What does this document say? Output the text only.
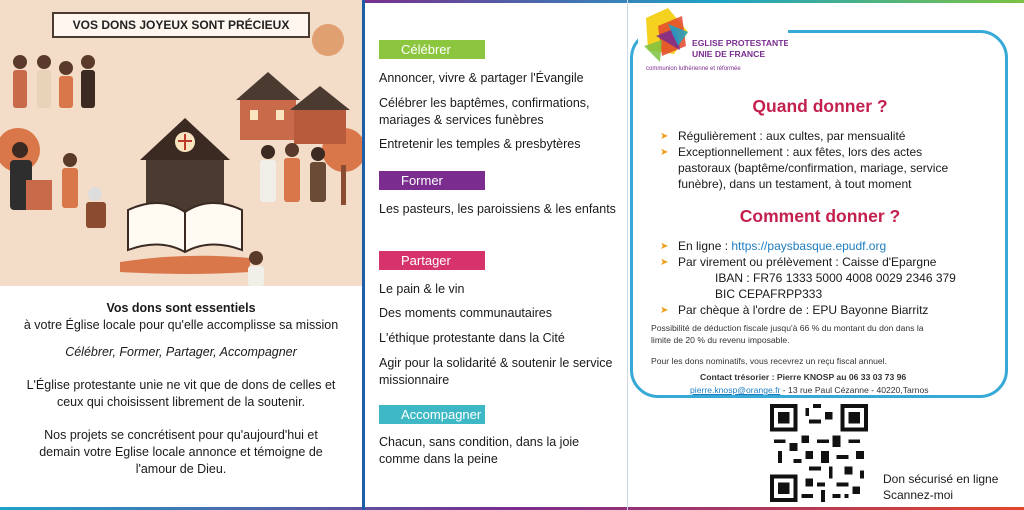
VOS DONS JOYEUX SONT PRÉCIEUX

Vos dons sont essentiels

à votre Église locale pour qu'elle accomplisse sa mission

Célébrer, Former, Partager, Accompagner

L'Église protestante unie ne vit que de dons de celles et

ceux qui choisissent librement de la soutenir.

Nos projets se concrétisent pour qu'aujourd'hui et

demain votre Eglise locale annonce et témoigne de

l'amour de Dieu.

Célébrer
Annoncer, vivre & partager l'Évangile
Célébrer les baptêmes, confirmations, mariages & services funèbres
Entretenir les temples & presbytères
Former
Les pasteurs, les paroissiens & les enfants
Partager
Le pain & le vin
Des moments communautaires
L'éthique protestante dans la Cité
Agir pour la solidarité & soutenir le service missionnaire
Accompagner
Chacun, sans condition, dans la joie comme dans la peine
EGLISE PROTESTANTE
UNIE DE FRANCE
communion luthérienne et réformée
Quand donner ?
➤ Régulièrement : aux cultes, par mensualité
➤ Exceptionnellement : aux fêtes, lors des actes
pastoraux (baptême/confirmation, mariage, service
funèbre), dans un testament, à tout moment
Comment donner ?
➤ En ligne : https://paysbasque.epudf.org
➤ Par virement ou prélèvement : Caisse d'Epargne
IBAN : FR76 1333 5000 4008 0029 2346 379
BIC CEPAFRPP333
➤ Par chèque à l'ordre de : EPU Bayonne Biarritz
Possibilité de déduction fiscale jusqu'à 66 % du montant du don dans la
limite de 20 % du revenu imposable.
Pour les dons nominatifs, vous recevrez un reçu fiscal annuel.
Contact trésorier : Pierre KNOSP au 06 33 03 73 96
pierre.knosp@orange.fr - 13 rue Paul Cézanne - 40220,Tarnos
Don sécurisé en ligne
Scannez-moi
